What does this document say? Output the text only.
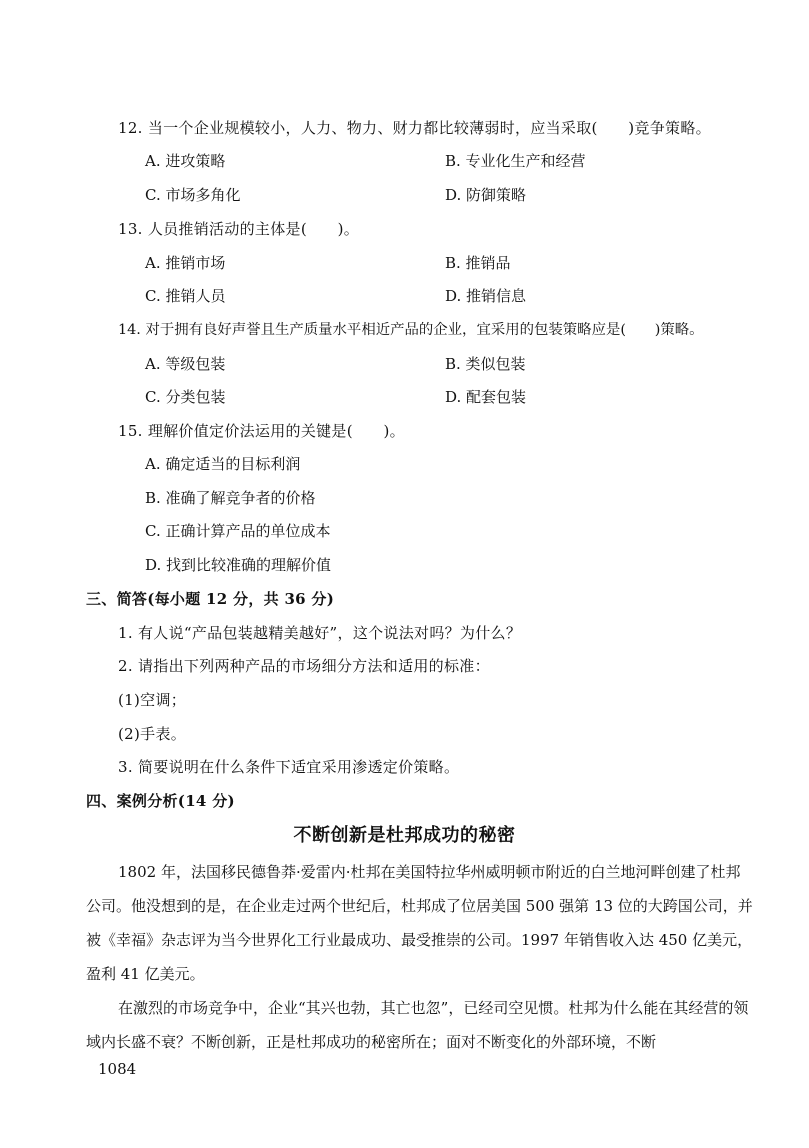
12. 当一个企业规模较小，人力、物力、财力都比较薄弱时，应当采取(　　)竞争策略。
A. 进攻策略	B. 专业化生产和经营
C. 市场多角化	D. 防御策略
13. 人员推销活动的主体是(　　)。
A. 推销市场	B. 推销品
C. 推销人员	D. 推销信息
14. 对于拥有良好声誉且生产质量水平相近产品的企业，宜采用的包装策略应是(　　)策略。
A. 等级包装	B. 类似包装
C. 分类包装	D. 配套包装
15. 理解价值定价法运用的关键是(　　)。
A. 确定适当的目标利润
B. 准确了解竞争者的价格
C. 正确计算产品的单位成本
D. 找到比较准确的理解价值
三、简答(每小题 12 分，共 36 分)
1. 有人说“产品包装越精美越好”，这个说法对吗？为什么？
2. 请指出下列两种产品的市场细分方法和适用的标准：
(1)空调；
(2)手表。
3. 简要说明在什么条件下适宜采用渗透定价策略。
四、案例分析(14 分)
不断创新是杜邦成功的秘密
1802 年，法国移民德鲁莽·爱雷内·杜邦在美国特拉华州威明顿市附近的白兰地河畔创建了杜邦公司。他没想到的是，在企业走过两个世纪后，杜邦成了位居美国 500 强第 13 位的大跨国公司，并被《幸福》杂志评为当今世界化工行业最成功、最受推崇的公司。1997 年销售收入达 450 亿美元，盈利 41 亿美元。
在激烈的市场竞争中，企业“其兴也勃，其亡也忽”，已经司空见惯。杜邦为什么能在其经营的领域内长盛不衰？不断创新，正是杜邦成功的秘密所在；面对不断变化的外部环境，不断
1084
